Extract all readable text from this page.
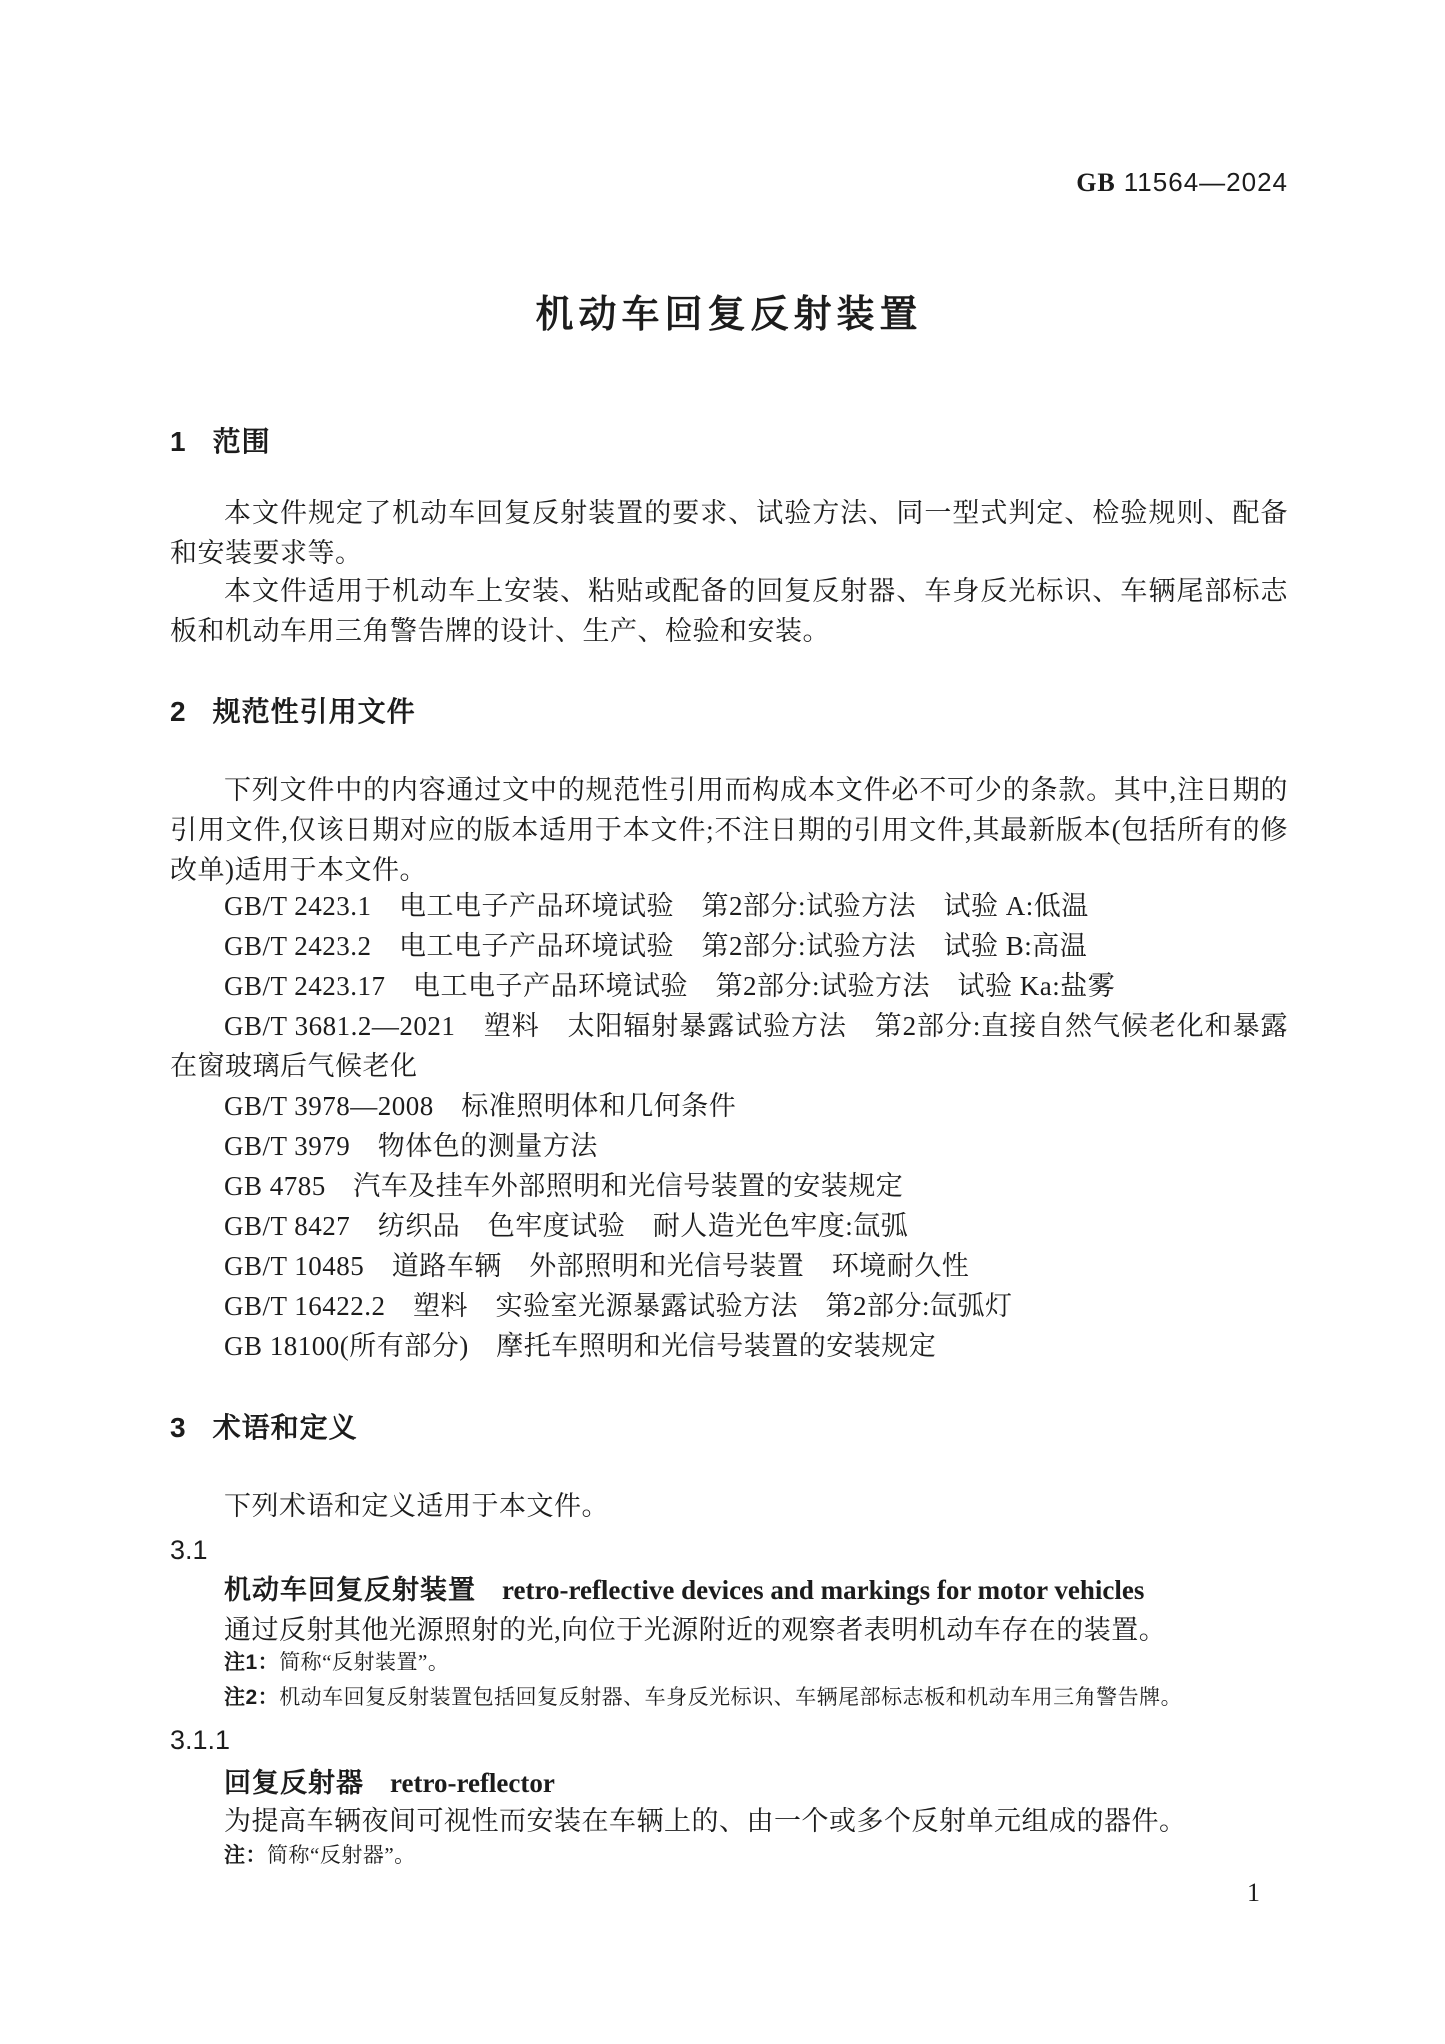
GB 11564—2024
机动车回复反射装置
1 范围
本文件规定了机动车回复反射装置的要求、试验方法、同一型式判定、检验规则、配备和安装要求等。
本文件适用于机动车上安装、粘贴或配备的回复反射器、车身反光标识、车辆尾部标志板和机动车用三角警告牌的设计、生产、检验和安装。
2 规范性引用文件
下列文件中的内容通过文中的规范性引用而构成本文件必不可少的条款。其中,注日期的引用文件,仅该日期对应的版本适用于本文件;不注日期的引用文件,其最新版本(包括所有的修改单)适用于本文件。
GB/T 2423.1　电工电子产品环境试验　第2部分:试验方法　试验 A:低温
GB/T 2423.2　电工电子产品环境试验　第2部分:试验方法　试验 B:高温
GB/T 2423.17　电工电子产品环境试验　第2部分:试验方法　试验 Ka:盐雾
GB/T 3681.2—2021　塑料　太阳辐射暴露试验方法　第2部分:直接自然气候老化和暴露在窗玻璃后气候老化
GB/T 3978—2008　标准照明体和几何条件
GB/T 3979　物体色的测量方法
GB 4785　汽车及挂车外部照明和光信号装置的安装规定
GB/T 8427　纺织品　色牢度试验　耐人造光色牢度:氙弧
GB/T 10485　道路车辆　外部照明和光信号装置　环境耐久性
GB/T 16422.2　塑料　实验室光源暴露试验方法　第2部分:氙弧灯
GB 18100(所有部分)　摩托车照明和光信号装置的安装规定
3 术语和定义
下列术语和定义适用于本文件。
3.1
机动车回复反射装置 retro-reflective devices and markings for motor vehicles
通过反射其他光源照射的光,向位于光源附近的观察者表明机动车存在的装置。
注1：简称“反射装置”。
注2：机动车回复反射装置包括回复反射器、车身反光标识、车辆尾部标志板和机动车用三角警告牌。
3.1.1
回复反射器 retro-reflector
为提高车辆夜间可视性而安装在车辆上的、由一个或多个反射单元组成的器件。
注：简称“反射器”。
1
